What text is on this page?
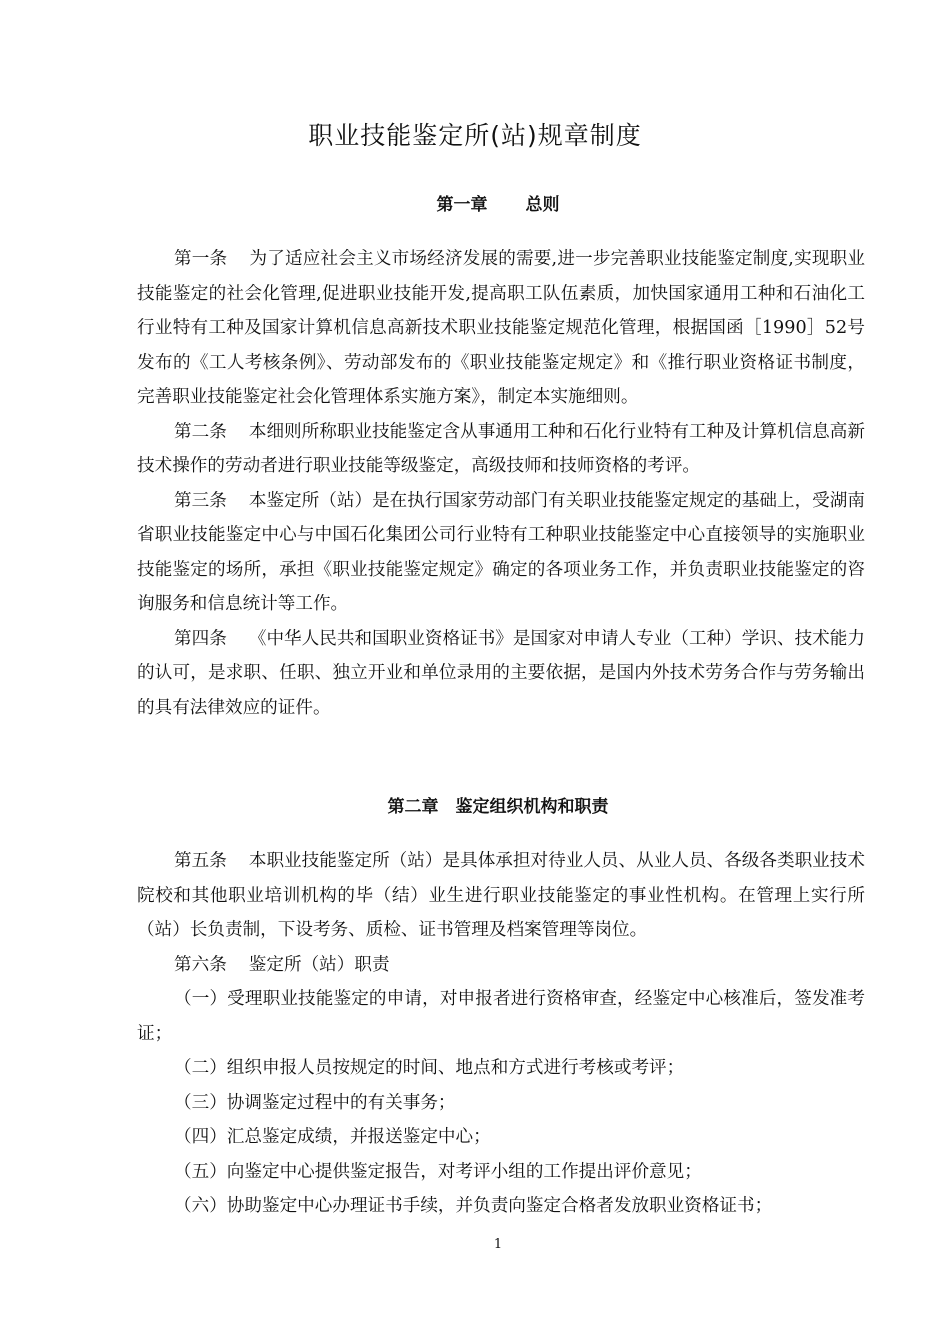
职业技能鉴定所(站)规章制度
第一章 总则

第一条 为了适应社会主义市场经济发展的需要,进一步完善职业技能鉴定制度,实现职业技能鉴定的社会化管理,促进职业技能开发,提高职工队伍素质，加快国家通用工种和石油化工行业特有工种及国家计算机信息高新技术职业技能鉴定规范化管理，根据国函［1990］52号发布的《工人考核条例》、劳动部发布的《职业技能鉴定规定》和《推行职业资格证书制度，完善职业技能鉴定社会化管理体系实施方案》，制定本实施细则。

第二条 本细则所称职业技能鉴定含从事通用工种和石化行业特有工种及计算机信息高新技术操作的劳动者进行职业技能等级鉴定，高级技师和技师资格的考评。

第三条 本鉴定所（站）是在执行国家劳动部门有关职业技能鉴定规定的基础上，受湖南省职业技能鉴定中心与中国石化集团公司行业特有工种职业技能鉴定中心直接领导的实施职业技能鉴定的场所，承担《职业技能鉴定规定》确定的各项业务工作，并负责职业技能鉴定的咨询服务和信息统计等工作。

第四条 《中华人民共和国职业资格证书》是国家对申请人专业（工种）学识、技术能力的认可，是求职、任职、独立开业和单位录用的主要依据，是国内外技术劳务合作与劳务输出的具有法律效应的证件。

第二章 鉴定组织机构和职责

第五条 本职业技能鉴定所（站）是具体承担对待业人员、从业人员、各级各类职业技术院校和其他职业培训机构的毕（结）业生进行职业技能鉴定的事业性机构。在管理上实行所（站）长负责制，下设考务、质检、证书管理及档案管理等岗位。

第六条 鉴定所（站）职责

（一）受理职业技能鉴定的申请，对申报者进行资格审查，经鉴定中心核准后，签发准考证；

（二）组织申报人员按规定的时间、地点和方式进行考核或考评；

（三）协调鉴定过程中的有关事务；

（四）汇总鉴定成绩，并报送鉴定中心；

（五）向鉴定中心提供鉴定报告，对考评小组的工作提出评价意见；

（六）协助鉴定中心办理证书手续，并负责向鉴定合格者发放职业资格证书；

1
